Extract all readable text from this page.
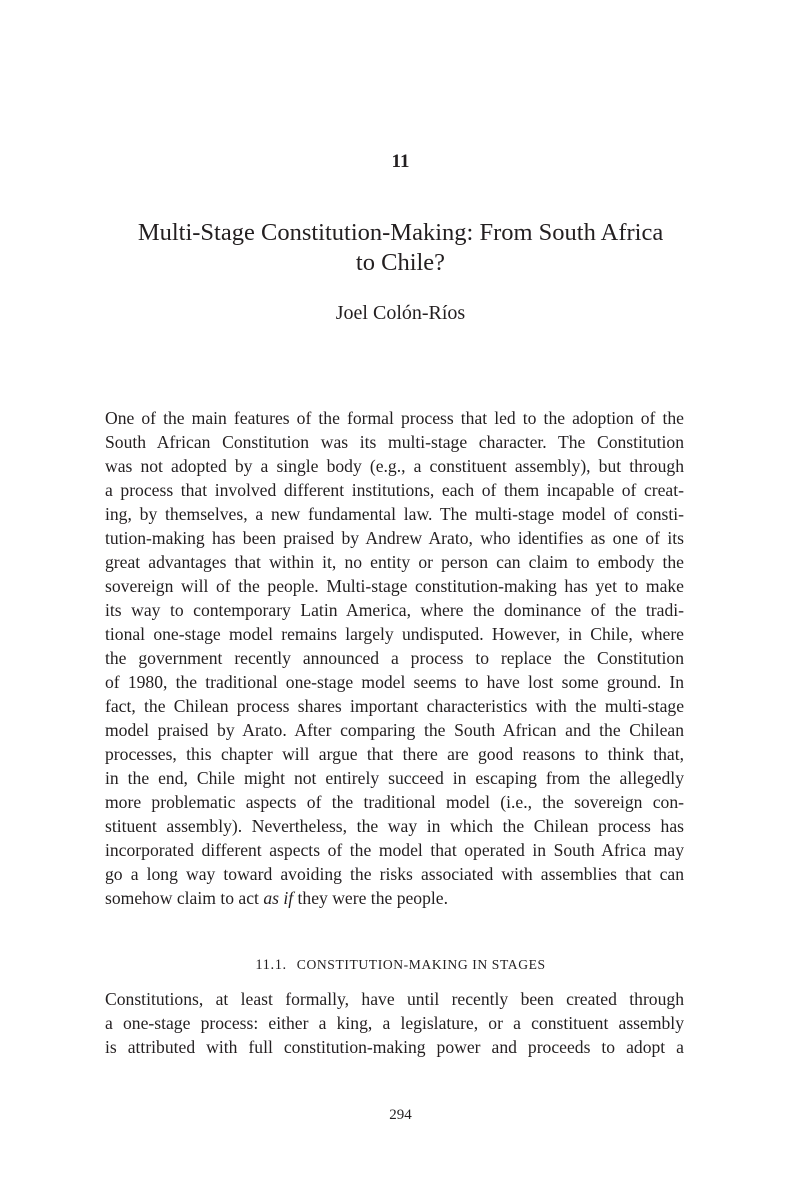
11
Multi-Stage Constitution-Making: From South Africa
to Chile?
Joel Colón-Ríos
One of the main features of the formal process that led to the adoption of the
South African Constitution was its multi-stage character. The Constitution
was not adopted by a single body (e.g., a constituent assembly), but through
a process that involved different institutions, each of them incapable of creat-
ing, by themselves, a new fundamental law. The multi-stage model of consti-
tution-making has been praised by Andrew Arato, who identifies as one of its
great advantages that within it, no entity or person can claim to embody the
sovereign will of the people. Multi-stage constitution-making has yet to make
its way to contemporary Latin America, where the dominance of the tradi-
tional one-stage model remains largely undisputed. However, in Chile, where
the government recently announced a process to replace the Constitution
of 1980, the traditional one-stage model seems to have lost some ground. In
fact, the Chilean process shares important characteristics with the multi-stage
model praised by Arato. After comparing the South African and the Chilean
processes, this chapter will argue that there are good reasons to think that,
in the end, Chile might not entirely succeed in escaping from the allegedly
more problematic aspects of the traditional model (i.e., the sovereign con-
stituent assembly). Nevertheless, the way in which the Chilean process has
incorporated different aspects of the model that operated in South Africa may
go a long way toward avoiding the risks associated with assemblies that can
somehow claim to act as if they were the people.
11.1. CONSTITUTION-MAKING IN STAGES
Constitutions, at least formally, have until recently been created through
a one-stage process: either a king, a legislature, or a constituent assembly
is attributed with full constitution-making power and proceeds to adopt a
294
